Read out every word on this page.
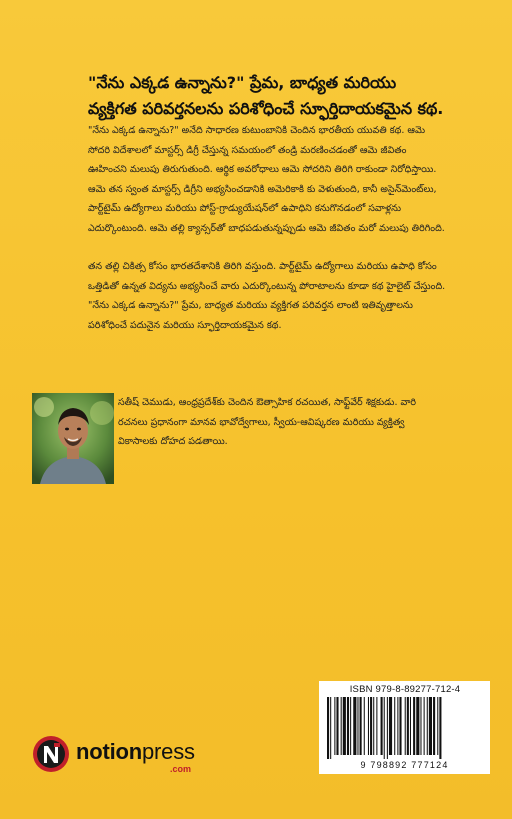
"నేను ఎక్కడ ఉన్నాను?" ప్రేమ, బాధ్యత మరియు వ్యక్తిగత పరివర్తనలను పరిశోధించే స్ఫూర్తిదాయకమైన కథ.
"నేను ఎక్కడ ఉన్నాను?" అనేది సాధారణ కుటుంబానికి చెందిన భారతీయ యువతి కథ. ఆమె సోదరి విదేశాలలో మాస్టర్స్ డిగ్రీ చేస్తున్న సమయంలో తండ్రి మరణించడంతో ఆమె జీవితం ఊహించని మలుపు తిరుగుతుంది. ఆర్థిక అవరోధాలు ఆమె సోదరిని తిరిగి రాకుండా నిరోధిస్తాయి. ఆమె తన స్వంత మాస్టర్స్ డిగ్రీని అభ్యసించడానికి అమెరికాకి కు వెళుతుంది, కానీ అసైన్‌మెంట్‌లు, పార్ట్‌టైమ్ ఉద్యోగాలు మరియు పోస్ట్-గ్రాడ్యుయేషన్‌లో ఉపాధిని కనుగొనడంలో సవాళ్లను ఎదుర్కొంటుంది. ఆమె తల్లి క్యాన్సర్‌తో బాధపడుతున్నప్పుడు ఆమె జీవితం మరో మలుపు తిరిగింది.
తన తల్లి చికిత్స కోసం భారతదేశానికి తిరిగి వస్తుంది. పార్ట్‌టైమ్ ఉద్యోగాలు మరియు ఉపాధి కోసం ఒత్తిడితో ఉన్నత విద్యను అభ్యసించే వారు ఎదుర్కొంటున్న పోరాటాలను కూడా కథ హైలైట్ చేస్తుంది. "నేను ఎక్కడ ఉన్నాను?" ప్రేమ, బాధ్యత మరియు వ్యక్తిగత పరివర్తన లాంటి ఇతివృత్తాలను పరిశోధించే పదునైన మరియు స్ఫూర్తిదాయకమైన కథ.
సతీష్ చెముడు, ఆంధ్రప్రదేశ్‌కు చెందిన ఔత్సాహిక రచయిత, సాఫ్ట్‌వేర్ శిక్షకుడు. వారి రచనలు ప్రధానంగా మానవ భావోద్వేగాలు, స్వీయ-ఆవిష్కరణ మరియు వ్యక్తిత్వ వికాసాలకు దోహద పడతాయి.
ISBN 979-8-89277-712-4
9 798892 777124
notionpress
.com
